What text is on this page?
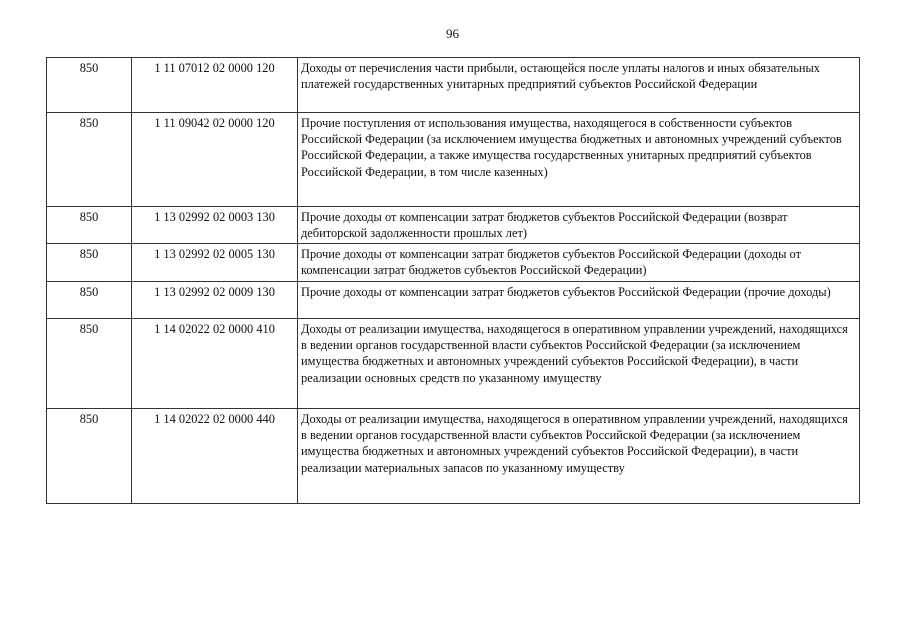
96
850	1 11 07012 02 0000 120	Доходы от перечисления части прибыли, остающейся после уплаты налогов и иных обязательных платежей государственных унитарных предприятий субъектов Российской Федерации
850	1 11 09042 02 0000 120	Прочие поступления от использования имущества, находящегося в собственности субъектов Российской Федерации (за исключением имущества бюджетных и автономных учреждений субъектов Российской Федерации, а также имущества государственных унитарных предприятий субъектов Российской Федерации, в том числе казенных)
850	1 13 02992 02 0003 130	Прочие доходы от компенсации затрат бюджетов субъектов Российской Федерации (возврат дебиторской задолженности прошлых лет)
850	1 13 02992 02 0005 130	Прочие доходы от компенсации затрат бюджетов субъектов Российской Федерации (доходы от компенсации затрат бюджетов субъектов Российской Федерации)
850	1 13 02992 02 0009 130	Прочие доходы от компенсации затрат бюджетов субъектов Российской Федерации (прочие доходы)
850	1 14 02022 02 0000 410	Доходы от реализации имущества, находящегося в оперативном управлении учреждений, находящихся в ведении органов государственной власти субъектов Российской Федерации (за исключением имущества бюджетных и автономных учреждений субъектов Российской Федерации), в части реализации основных средств по указанному имуществу
850	1 14 02022 02 0000 440	Доходы от реализации имущества, находящегося в оперативном управлении учреждений, находящихся в ведении органов государственной власти субъектов Российской Федерации (за исключением имущества бюджетных и автономных учреждений субъектов Российской Федерации), в части реализации материальных запасов по указанному имуществу
